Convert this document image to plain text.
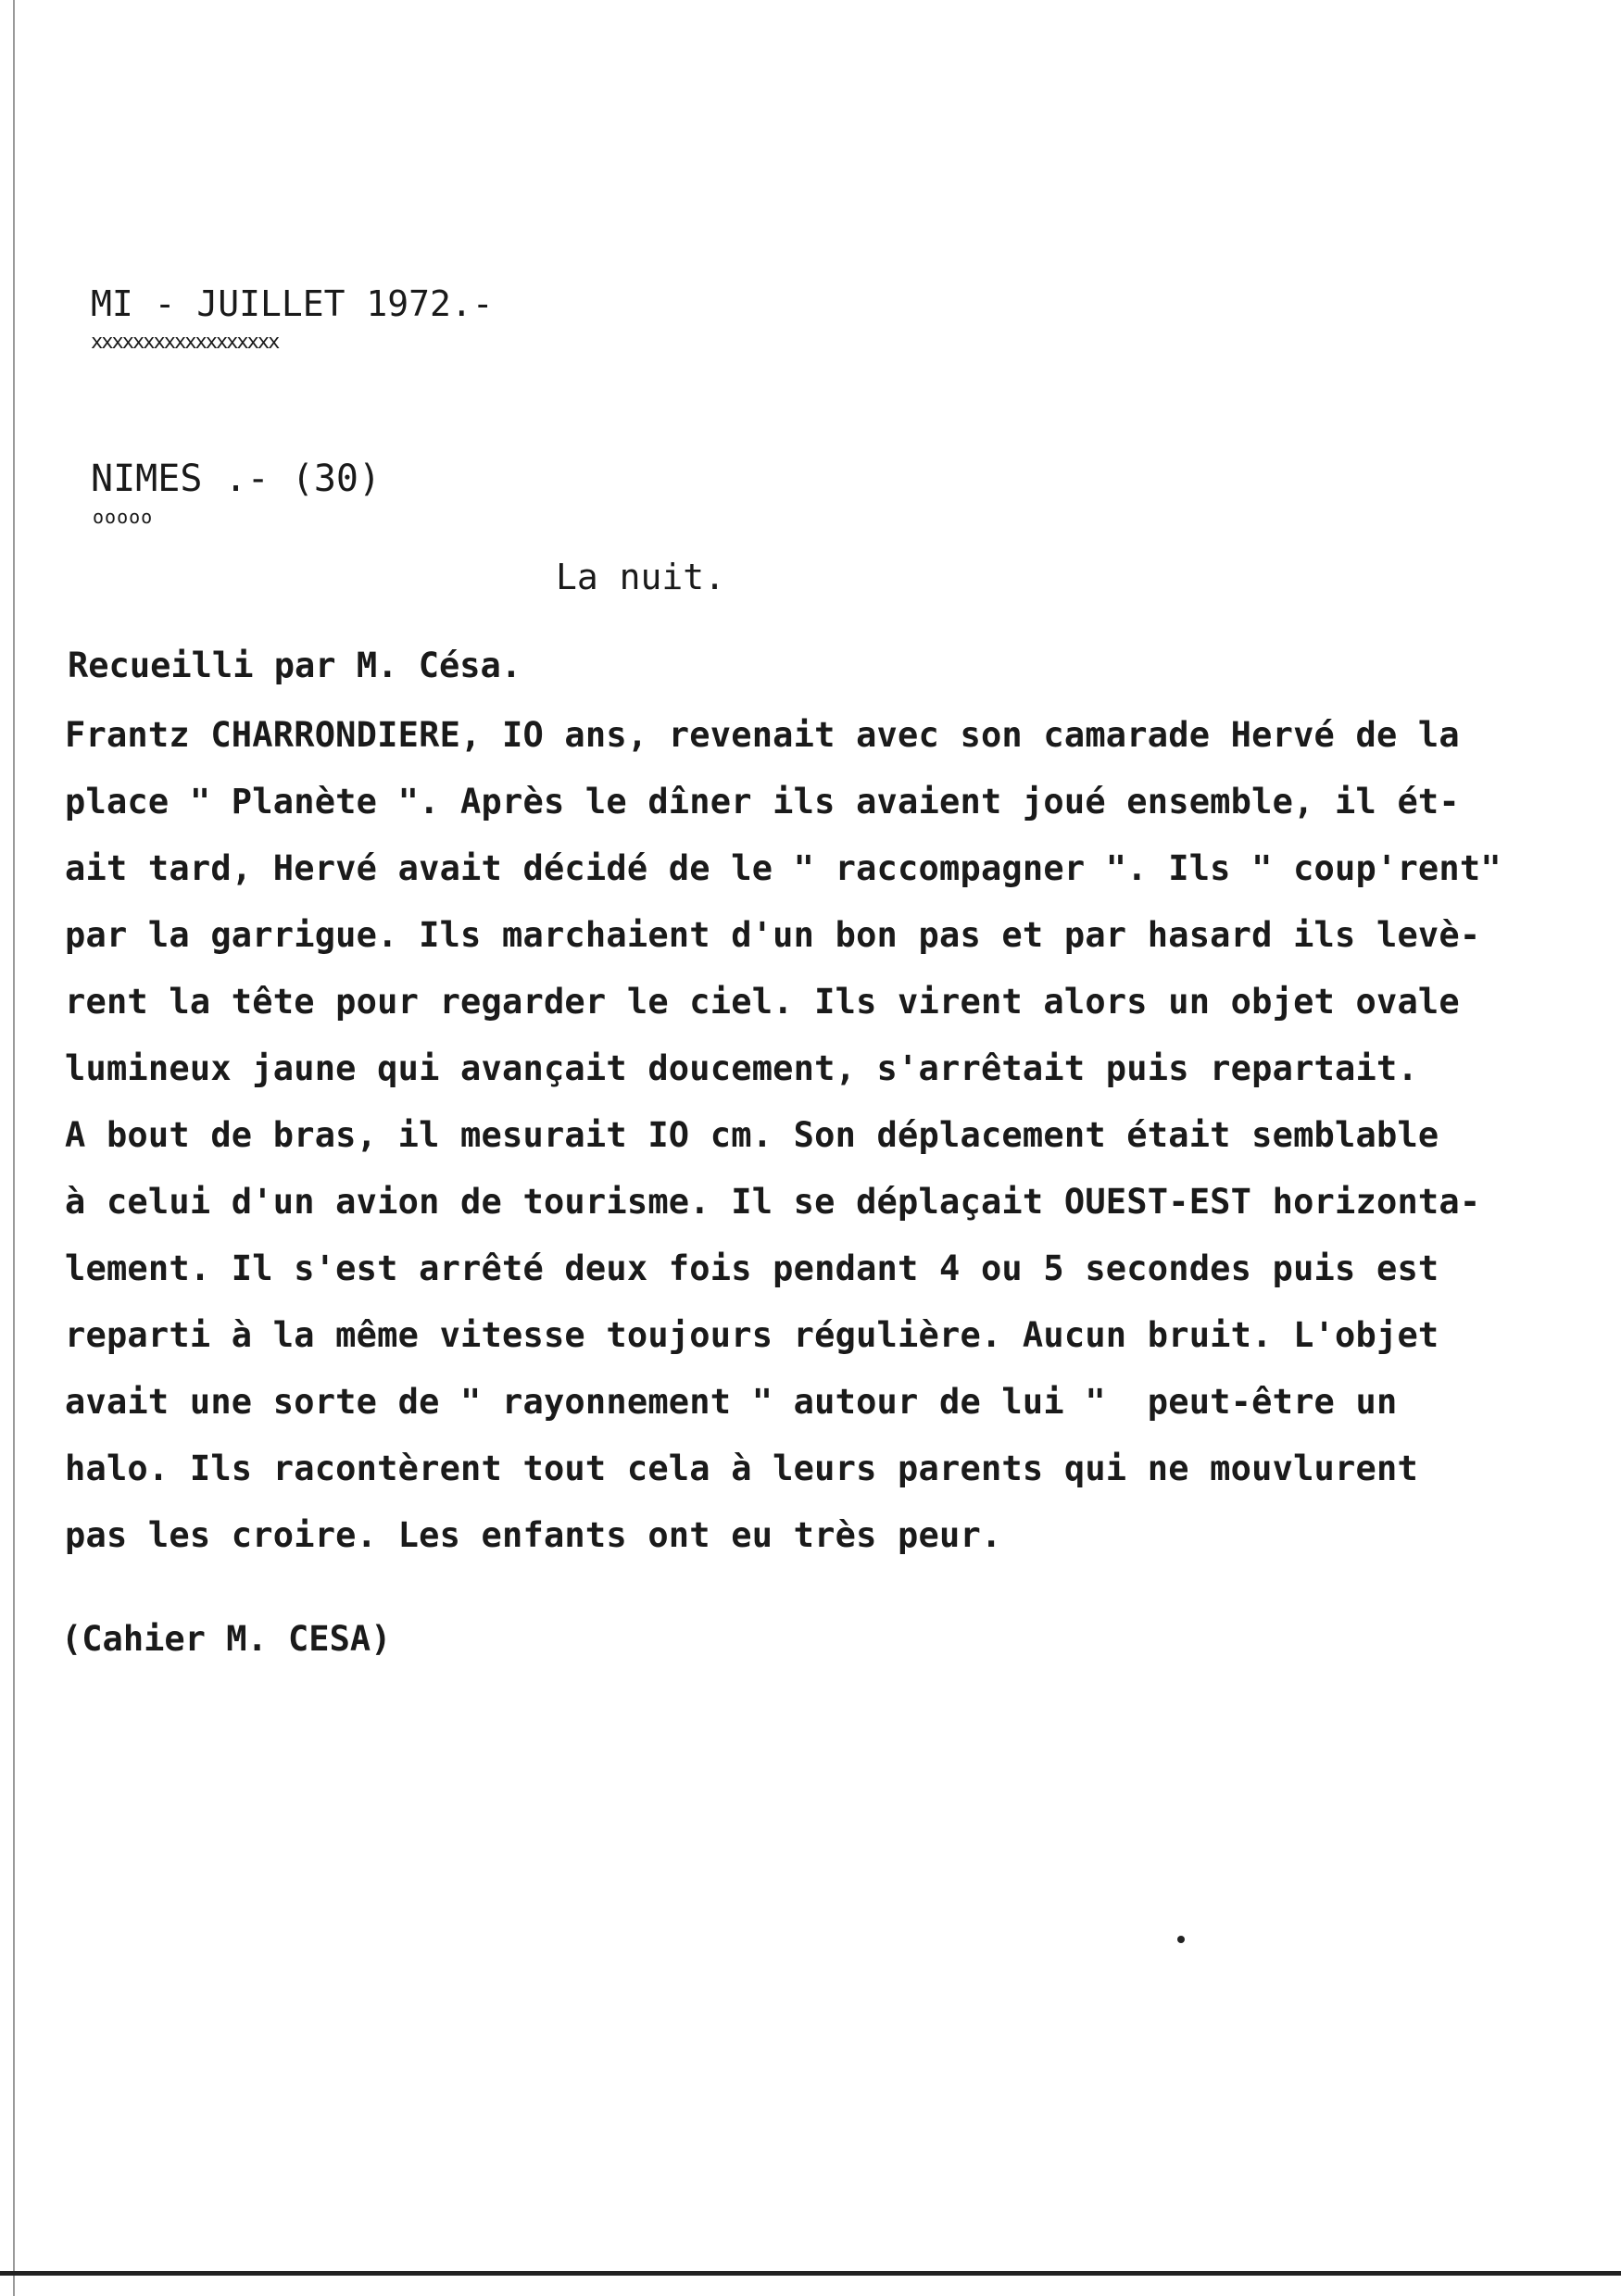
MI - JUILLET 1972.-
xxxxxxxxxxxxxxxxxx
NIMES .- (30)
ooooo
La nuit.
Recueilli par M. Césa.
Frantz CHARRONDIERE, IO ans, revenait avec son camarade Hervé de la
place " Planète ". Après le dîner ils avaient joué ensemble, il ét-
ait tard, Hervé avait décidé de le " raccompagner ". Ils " coup'rent"
par la garrigue. Ils marchaient d'un bon pas et par hasard ils levè-
rent la tête pour regarder le ciel. Ils virent alors un objet ovale
lumineux jaune qui avançait doucement, s'arrêtait puis repartait.
A bout de bras, il mesurait IO cm. Son déplacement était semblable
à celui d'un avion de tourisme. Il se déplaçait OUEST-EST horizonta-
lement. Il s'est arrêté deux fois pendant 4 ou 5 secondes puis est
reparti à la même vitesse toujours régulière. Aucun bruit. L'objet
avait une sorte de " rayonnement " autour de lui "  peut-être un
halo. Ils racontèrent tout cela à leurs parents qui ne mouvlurent
pas les croire. Les enfants ont eu très peur.
(Cahier M. CESA)
